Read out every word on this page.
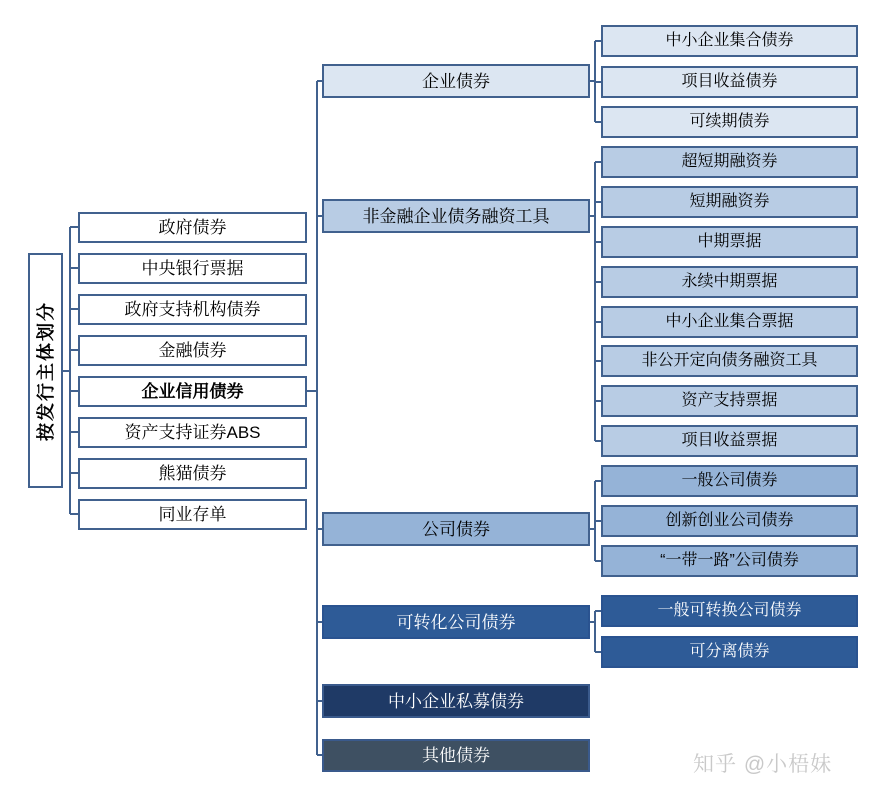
按发行主体划分
政府债券
中央银行票据
政府支持机构债券
金融债券
企业信用债券
资产支持证券ABS
熊猫债券
同业存单
企业债券
非金融企业债务融资工具
公司债券
可转化公司债券
中小企业私募债券
其他债券
中小企业集合债券
项目收益债券
可续期债券
超短期融资券
短期融资券
中期票据
永续中期票据
中小企业集合票据
非公开定向债务融资工具
资产支持票据
项目收益票据
一般公司债券
创新创业公司债券
“一带一路”公司债券
一般可转换公司债券
可分离债券
知乎 @小梧妹
